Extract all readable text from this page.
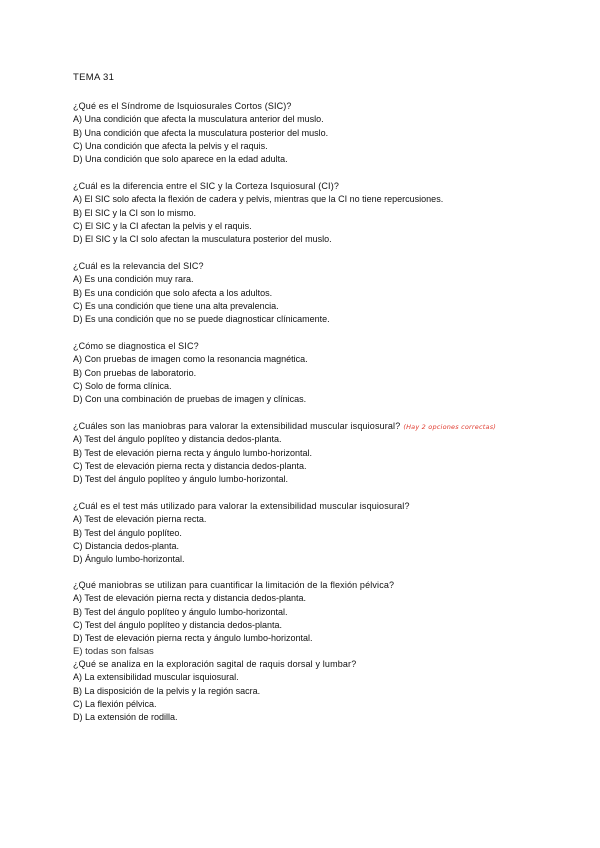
TEMA 31
¿Qué es el Síndrome de Isquiosurales Cortos (SIC)?
A) Una condición que afecta la musculatura anterior del muslo.
B) Una condición que afecta la musculatura posterior del muslo.
C) Una condición que afecta la pelvis y el raquis.
D) Una condición que solo aparece en la edad adulta.
¿Cuál es la diferencia entre el SIC y la Corteza Isquiosural (CI)?
A) El SIC solo afecta la flexión de cadera y pelvis, mientras que la CI no tiene repercusiones.
B) El SIC y la CI son lo mismo.
C) El SIC y la CI afectan la pelvis y el raquis.
D) El SIC y la CI solo afectan la musculatura posterior del muslo.
¿Cuál es la relevancia del SIC?
A) Es una condición muy rara.
B) Es una condición que solo afecta a los adultos.
C) Es una condición que tiene una alta prevalencia.
D) Es una condición que no se puede diagnosticar clínicamente.
¿Cómo se diagnostica el SIC?
A) Con pruebas de imagen como la resonancia magnética.
B) Con pruebas de laboratorio.
C) Solo de forma clínica.
D) Con una combinación de pruebas de imagen y clínicas.
¿Cuáles son las maniobras para valorar la extensibilidad muscular isquiosural? (Hay 2 opciones correctas)
A) Test del ángulo poplíteo y distancia dedos-planta.
B) Test de elevación pierna recta y ángulo lumbo-horizontal.
C) Test de elevación pierna recta y distancia dedos-planta.
D) Test del ángulo poplíteo y ángulo lumbo-horizontal.
¿Cuál es el test más utilizado para valorar la extensibilidad muscular isquiosural?
A) Test de elevación pierna recta.
B) Test del ángulo poplíteo.
C) Distancia dedos-planta.
D) Ángulo lumbo-horizontal.
¿Qué maniobras se utilizan para cuantificar la limitación de la flexión pélvica?
A) Test de elevación pierna recta y distancia dedos-planta.
B) Test del ángulo poplíteo y ángulo lumbo-horizontal.
C) Test del ángulo poplíteo y distancia dedos-planta.
D) Test de elevación pierna recta y ángulo lumbo-horizontal.
E) todas son falsas
¿Qué se analiza en la exploración sagital de raquis dorsal y lumbar?
A) La extensibilidad muscular isquiosural.
B) La disposición de la pelvis y la región sacra.
C) La flexión pélvica.
D) La extensión de rodilla.
